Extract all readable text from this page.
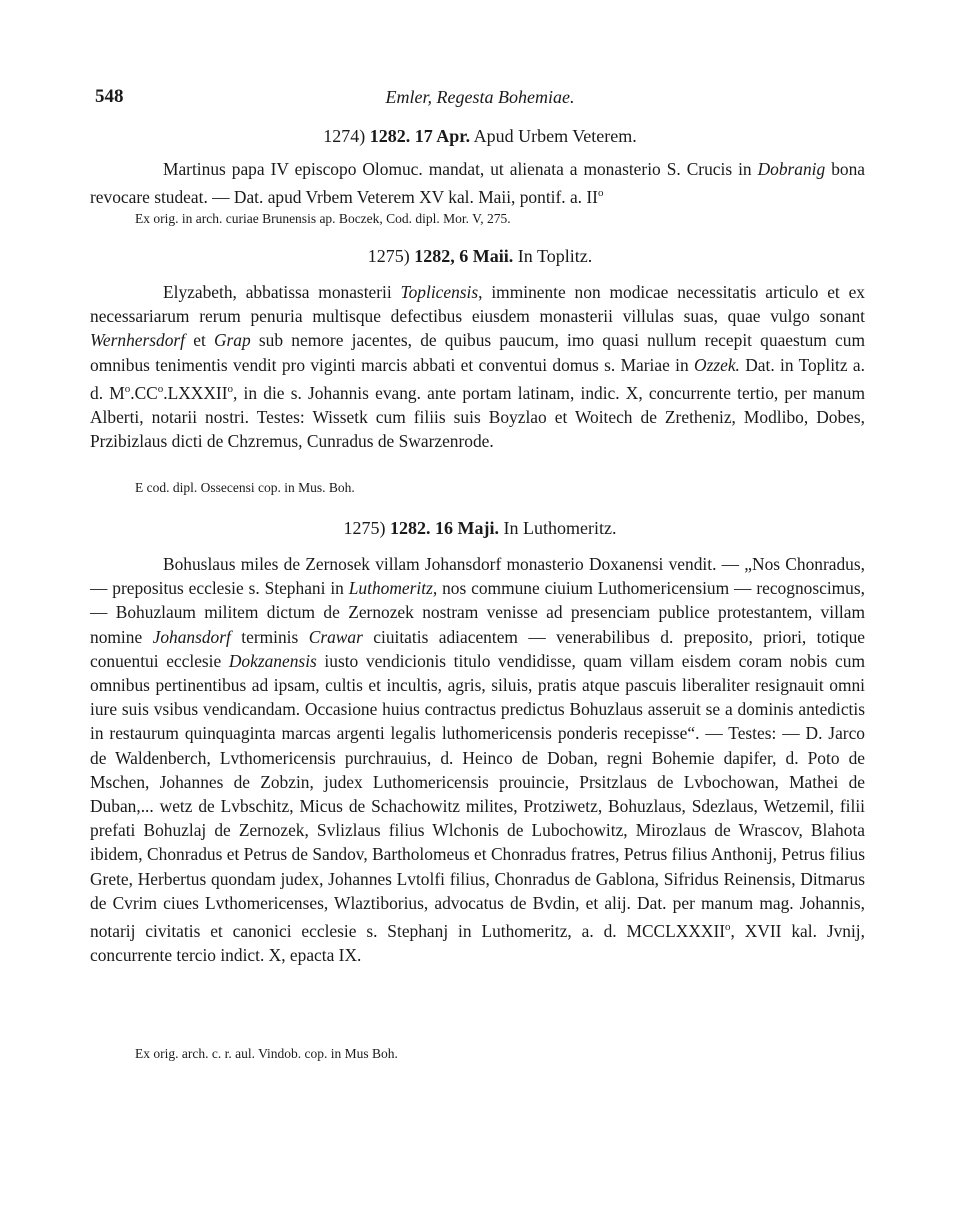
548	Emler, Regesta Bohemiae.
1274) 1282. 17 Apr. Apud Urbem Veterem.
Martinus papa IV episcopo Olomuc. mandat, ut alienata a monasterio S. Crucis in Dobranig bona revocare studeat. — Dat. apud Vrbem Veterem XV kal. Maii, pontif. a. $II^o$
Ex orig. in arch. curiae Brunensis ap. Boczek, Cod. dipl. Mor. V, 275.
1275) 1282, 6 Maii. In Toplitz.
Elyzabeth, abbatissa monasterii Toplicensis, imminente non modicae necessitatis articulo et ex necessariarum rerum penuria multisque defectibus eiusdem monasterii villulas suas, quae vulgo sonant Wernhersdorf et Grap sub nemore jacentes, de quibus paucum, imo quasi nullum recepit quaestum cum omnibus tenimentis vendit pro viginti marcis abbati et conventui domus s. Mariae in Ozzek. Dat. in Toplitz a. d. $M^o.CC^o.LXXXII^o$, in die s. Johannis evang. ante portam latinam, indic. X, concurrente tertio, per manum Alberti, notarii nostri. Testes: Wissetk cum filiis suis Boyzlao et Woitech de Zretheniz, Modlibo, Dobes, Przibizlaus dicti de Chzremus, Cunradus de Swarzenrode.
E cod. dipl. Ossecensi cop. in Mus. Boh.
1275) 1282. 16 Maji. In Luthomeritz.
Bohuslaus miles de Zernosek villam Johansdorf monasterio Doxanensi vendit. — „Nos Chonradus, — prepositus ecclesie s. Stephani in Luthomeritz, nos commune ciuium Luthomericensium — recognoscimus, — Bohuzlaum militem dictum de Zernozek nostram venisse ad presenciam publice protestantem, villam nomine Johansdorf terminis Crawar ciuitatis adiacentem — venerabilibus d. preposito, priori, totique conuentui ecclesie Dokzanensis iusto vendicionis titulo vendidisse, quam villam eisdem coram nobis cum omnibus pertinentibus ad ipsam, cultis et incultis, agris, siluis, pratis atque pascuis liberaliter resignauit omni iure suis vsibus vendicandam. Occasione huius contractus predictus Bohuzlaus asseruit se a dominis antedictis in restaurum quinquaginta marcas argenti legalis luthomericensis ponderis recepisse“. — Testes: — D. Jarco de Waldenberch, Lvthomericensis purchrauius, d. Heinco de Doban, regni Bohemie dapifer, d. Poto de Mschen, Johannes de Zobzin, judex Luthomericensis prouincie, Prsitzlaus de Lvbochowan, Mathei de Duban,... wetz de Lvbschitz, Micus de Schachowitz milites, Protziwetz, Bohuzlaus, Sdezlaus, Wetzemil, filii prefati Bohuzlaj de Zernozek, Svlizlaus filius Wlchonis de Lubochowitz, Mirozlaus de Wrascov, Blahota ibidem, Chonradus et Petrus de Sandov, Bartholomeus et Chonradus fratres, Petrus filius Anthonij, Petrus filius Grete, Herbertus quondam judex, Johannes Lvtolfi filius, Chonradus de Gablona, Sifridus Reinensis, Ditmarus de Cvrim ciues Lvthomericenses, Wlaztiborius, advocatus de Bvdin, et alij. Dat. per manum mag. Johannis, notarij civitatis et canonici ecclesie s. Stephanj in Luthomeritz, a. d. MCCLXXXII$^o$, XVII kal. Jvnij, concurrente tercio indict. X, epacta IX.
Ex orig. arch. c. r. aul. Vindob. cop. in Mus Boh.
